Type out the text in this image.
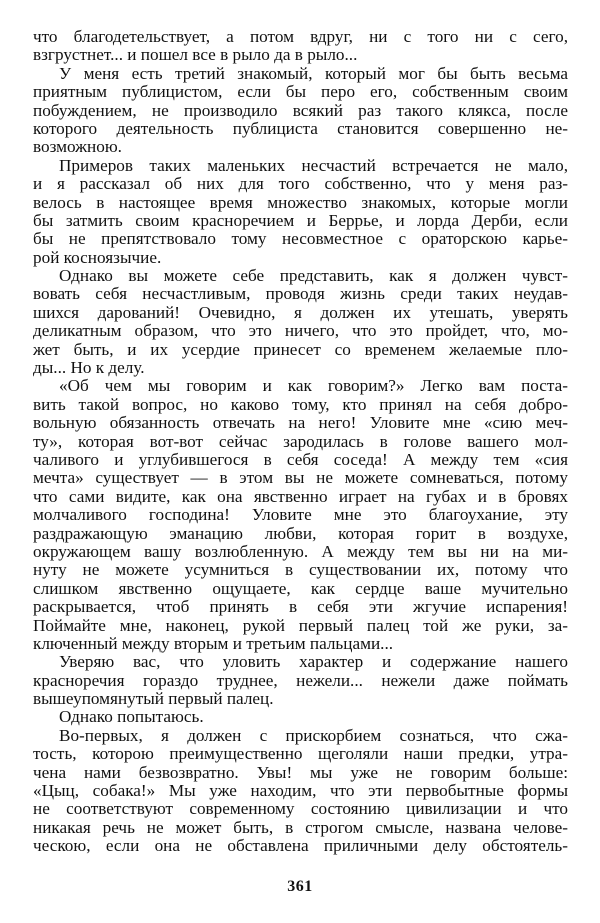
что благодетельствует, а потом вдруг, ни с того ни с сего,
взгрустнет... и пошел все в рыло да в рыло...
У меня есть третий знакомый, который мог бы быть весьма
приятным публицистом, если бы перо его, собственным своим
побуждением, не производило всякий раз такого клякса, после
которого деятельность публициста становится совершенно не-
возможною.
Примеров таких маленьких несчастий встречается не мало,
и я рассказал об них для того собственно, что у меня раз-
велось в настоящее время множество знакомых, которые могли
бы затмить своим красноречием и Беррье, и лорда Дерби, если
бы не препятствовало тому несовместное с ораторскою карье-
рой косноязычие.
Однако вы можете себе представить, как я должен чувст-
вовать себя несчастливым, проводя жизнь среди таких неудав-
шихся дарований! Очевидно, я должен их утешать, уверять
деликатным образом, что это ничего, что это пройдет, что, мо-
жет быть, и их усердие принесет со временем желаемые пло-
ды... Но к делу.
«Об чем мы говорим и как говорим?» Легко вам поста-
вить такой вопрос, но каково тому, кто принял на себя добро-
вольную обязанность отвечать на него! Уловите мне «сию меч-
ту», которая вот-вот сейчас зародилась в голове вашего мол-
чаливого и углубившегося в себя соседа! А между тем «сия
мечта» существует — в этом вы не можете сомневаться, потому
что сами видите, как она явственно играет на губах и в бровях
молчаливого господина! Уловите мне это благоухание, эту
раздражающую эманацию любви, которая горит в воздухе,
окружающем вашу возлюбленную. А между тем вы ни на ми-
нуту не можете усумниться в существовании их, потому что
слишком явственно ощущаете, как сердце ваше мучительно
раскрывается, чтоб принять в себя эти жгучие испарения!
Поймайте мне, наконец, рукой первый палец той же руки, за-
ключенный между вторым и третьим пальцами...
Уверяю вас, что уловить характер и содержание нашего
красноречия гораздо труднее, нежели... нежели даже поймать
вышеупомянутый первый палец.
Однако попытаюсь.
Во-первых, я должен с прискорбием сознаться, что сжа-
тость, которою преимущественно щеголяли наши предки, утра-
чена нами безвозвратно. Увы! мы уже не говорим больше:
«Цыц, собака!» Мы уже находим, что эти первобытные формы
не соответствуют современному состоянию цивилизации и что
никакая речь не может быть, в строгом смысле, названа челове-
ческою, если она не обставлена приличными делу обстоятель-
361
